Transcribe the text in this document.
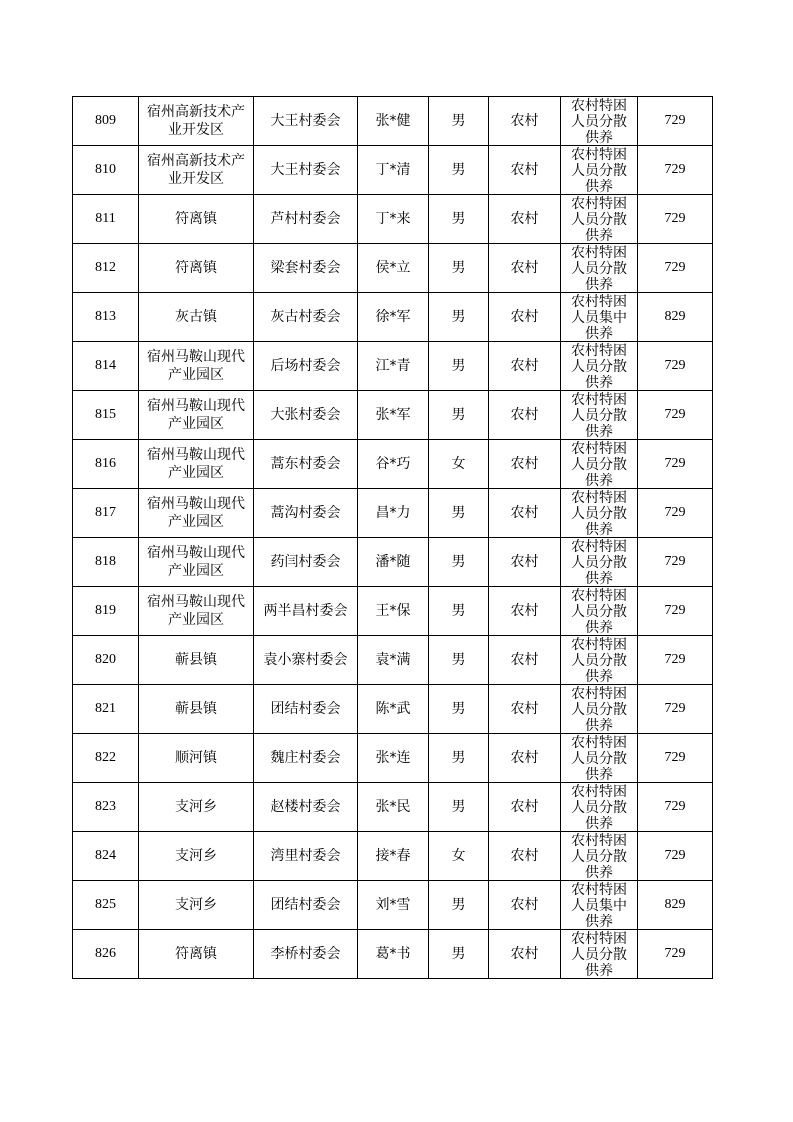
809	宿州高新技术产业开发区	大王村委会	张*健	男	农村	农村特困人员分散供养	729
810	宿州高新技术产业开发区	大王村委会	丁*清	男	农村	农村特困人员分散供养	729
811	符离镇	芦村村委会	丁*来	男	农村	农村特困人员分散供养	729
812	符离镇	梁套村委会	侯*立	男	农村	农村特困人员分散供养	729
813	灰古镇	灰古村委会	徐*军	男	农村	农村特困人员集中供养	829
814	宿州马鞍山现代产业园区	后场村委会	江*青	男	农村	农村特困人员分散供养	729
815	宿州马鞍山现代产业园区	大张村委会	张*军	男	农村	农村特困人员分散供养	729
816	宿州马鞍山现代产业园区	蒿东村委会	谷*巧	女	农村	农村特困人员分散供养	729
817	宿州马鞍山现代产业园区	蒿沟村委会	昌*力	男	农村	农村特困人员分散供养	729
818	宿州马鞍山现代产业园区	药闫村委会	潘*随	男	农村	农村特困人员分散供养	729
819	宿州马鞍山现代产业园区	两半昌村委会	王*保	男	农村	农村特困人员分散供养	729
820	蕲县镇	袁小寨村委会	袁*满	男	农村	农村特困人员分散供养	729
821	蕲县镇	团结村委会	陈*武	男	农村	农村特困人员分散供养	729
822	顺河镇	魏庄村委会	张*连	男	农村	农村特困人员分散供养	729
823	支河乡	赵楼村委会	张*民	男	农村	农村特困人员分散供养	729
824	支河乡	湾里村委会	接*春	女	农村	农村特困人员分散供养	729
825	支河乡	团结村委会	刘*雪	男	农村	农村特困人员集中供养	829
826	符离镇	李桥村委会	葛*书	男	农村	农村特困人员分散供养	729
